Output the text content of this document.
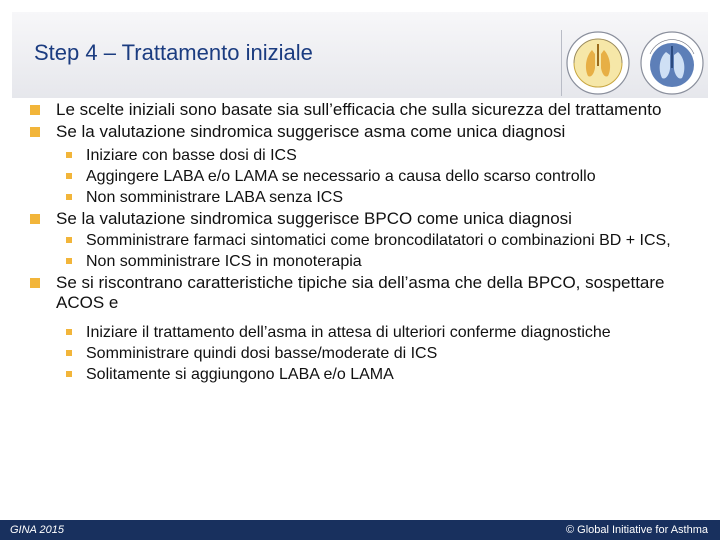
Step 4 – Trattamento iniziale
Le scelte iniziali sono basate sia sull’efficacia che sulla sicurezza del trattamento
Se la valutazione sindromica suggerisce asma come unica diagnosi
Iniziare con basse dosi di ICS
Aggingere LABA e/o LAMA se necessario a causa dello scarso controllo
Non somministrare LABA senza ICS
Se la valutazione sindromica suggerisce BPCO come unica diagnosi
Somministrare farmaci sintomatici come broncodilatatori o combinazioni BD + ICS,
Non somministrare ICS in monoterapia
Se si riscontrano caratteristiche tipiche sia dell’asma che della BPCO, sospettare ACOS e
Iniziare il trattamento dell’asma in attesa di ulteriori conferme diagnostiche
Somministrare quindi dosi basse/moderate di ICS
Solitamente si aggiungono LABA e/o LAMA
GINA 2015	© Global Initiative for Asthma
